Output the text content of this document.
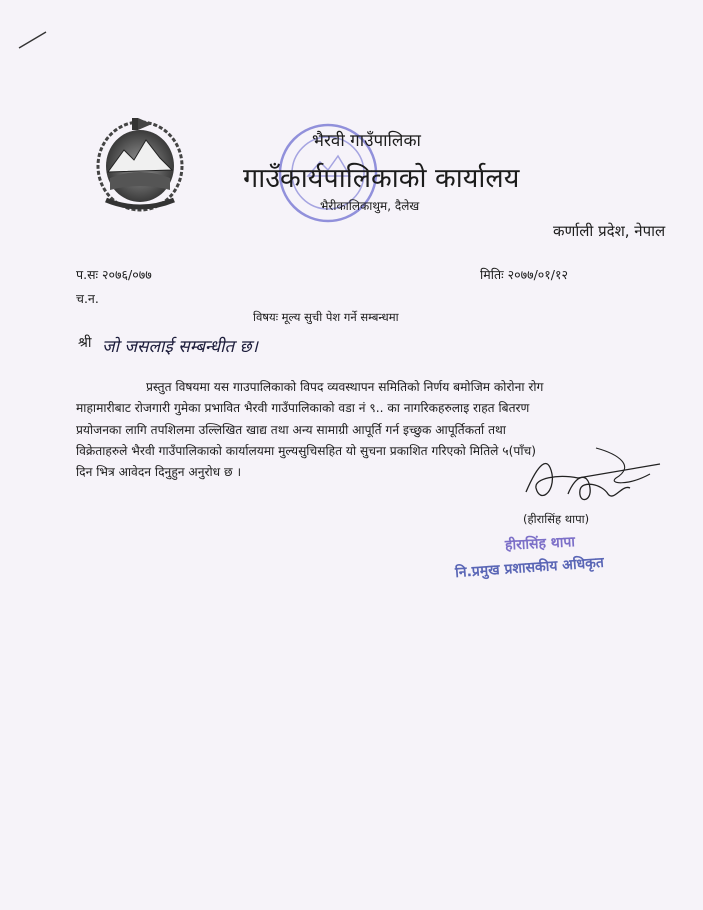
भैरवी गाउँपालिका
गाउँकार्यपालिकाको कार्यालय
भैरीकालिकाथुम, दैलेख
कर्णाली प्रदेश, नेपाल
प.सः २०७६/०७७
च.न.
मितिः २०७७/०१/१२
विषयः मूल्य सुची पेश गर्ने सम्बन्धमा
श्री जो जसलाई सम्बन्धीत छ।
प्रस्तुत विषयमा यस गाउपालिकाको विपद व्यवस्थापन समितिको निर्णय बमोजिम कोरोना रोग
माहामारीबाट रोजगारी गुमेका प्रभावित भैरवी गाउँपालिकाको वडा नं ९.. का नागरिकहरुलाइ राहत बितरण
प्रयोजनका लागि तपशिलमा उल्लिखित खाद्य तथा अन्य सामाग्री आपूर्ति गर्न इच्छुक आपूर्तिकर्ता तथा
विक्रेताहरुले भैरवी गाउँपालिकाको कार्यालयमा मुल्यसुचिसहित यो सुचना प्रकाशित गरिएको मितिले ५(पाँच)
दिन भित्र आवेदन दिनुहुन अनुरोध छ ।
(हीरासिंह थापा)
हीरासिंह थापा
नि.प्रमुख प्रशासकीय अधिकृत
